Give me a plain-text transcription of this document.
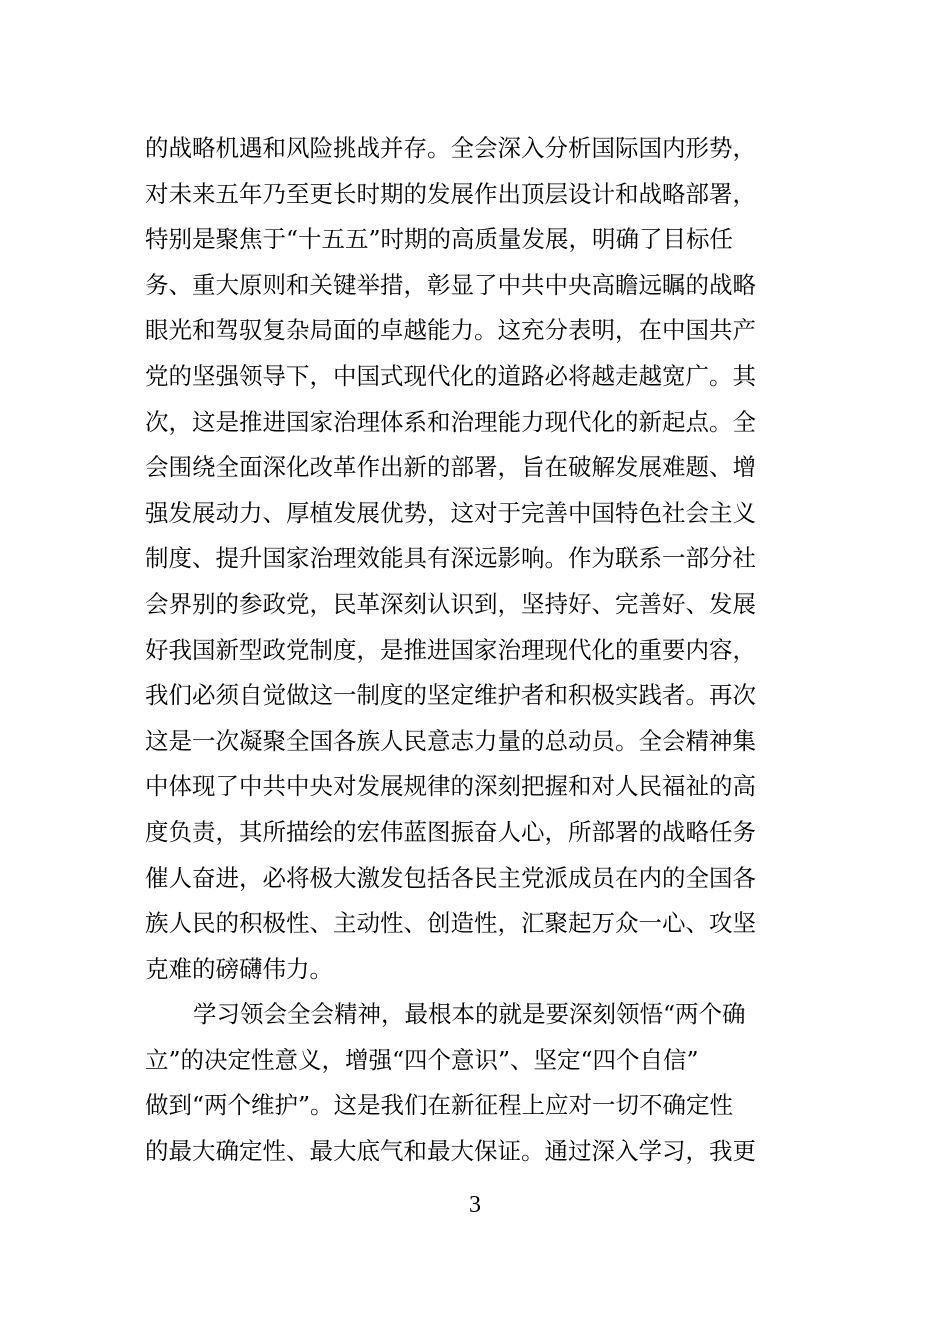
的战略机遇和风险挑战并存。全会深入分析国际国内形势，
对未来五年乃至更长时期的发展作出顶层设计和战略部署，
特别是聚焦于“十五五”时期的高质量发展，明确了目标任
务、重大原则和关键举措，彰显了中共中央高瞻远瞩的战略
眼光和驾驭复杂局面的卓越能力。这充分表明，在中国共产
党的坚强领导下，中国式现代化的道路必将越走越宽广。其
次，这是推进国家治理体系和治理能力现代化的新起点。全
会围绕全面深化改革作出新的部署，旨在破解发展难题、增
强发展动力、厚植发展优势，这对于完善中国特色社会主义
制度、提升国家治理效能具有深远影响。作为联系一部分社
会界别的参政党，民革深刻认识到，坚持好、完善好、发展
好我国新型政党制度，是推进国家治理现代化的重要内容，
我们必须自觉做这一制度的坚定维护者和积极实践者。再次
这是一次凝聚全国各族人民意志力量的总动员。全会精神集
中体现了中共中央对发展规律的深刻把握和对人民福祉的高
度负责，其所描绘的宏伟蓝图振奋人心，所部署的战略任务
催人奋进，必将极大激发包括各民主党派成员在内的全国各
族人民的积极性、主动性、创造性，汇聚起万众一心、攻坚
克难的磅礴伟力。
学习领会全会精神，最根本的就是要深刻领悟“两个确
立”的决定性意义，增强“四个意识”、坚定“四个自信”
做到“两个维护”。这是我们在新征程上应对一切不确定性
的最大确定性、最大底气和最大保证。通过深入学习，我更
3
